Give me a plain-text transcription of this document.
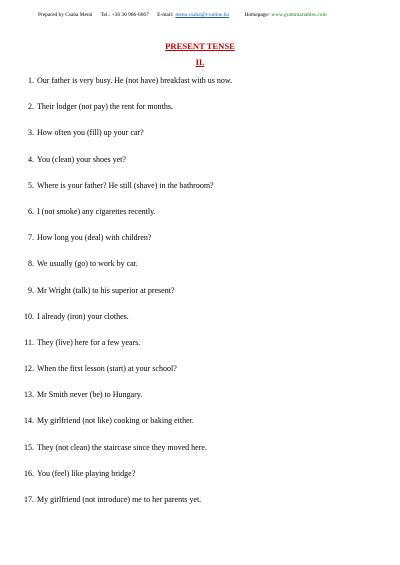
Prepared by Csaba Menő Tel.: +36 30 986-6667 E-mail: meno.csaba@t-online.hu	Homepage: www.grammartables.com
PRESENT TENSE
II.
1. Our father is very busy. He (not have) breakfast with us now.
2. Their lodger (not pay) the rent for months.
3. How often you (fill) up your car?
4. You (clean) your shoes yet?
5. Where is your father? He still (shave) in the bathroom?
6. I (not smoke) any cigarettes recently.
7. How long you (deal) with children?
8. We usually (go) to work by car.
9. Mr Wright (talk) to his superior at present?
10. I already (iron) your clothes.
11. They (live) here for a few years.
12. When the first lesson (start) at your school?
13. Mr Smith never (be) to Hungary.
14. My girlfriend (not like) cooking or baking either.
15. They (not clean) the staircase since they moved here.
16. You (feel) like playing bridge?
17. My girlfriend (not introduce) me to her parents yet.
